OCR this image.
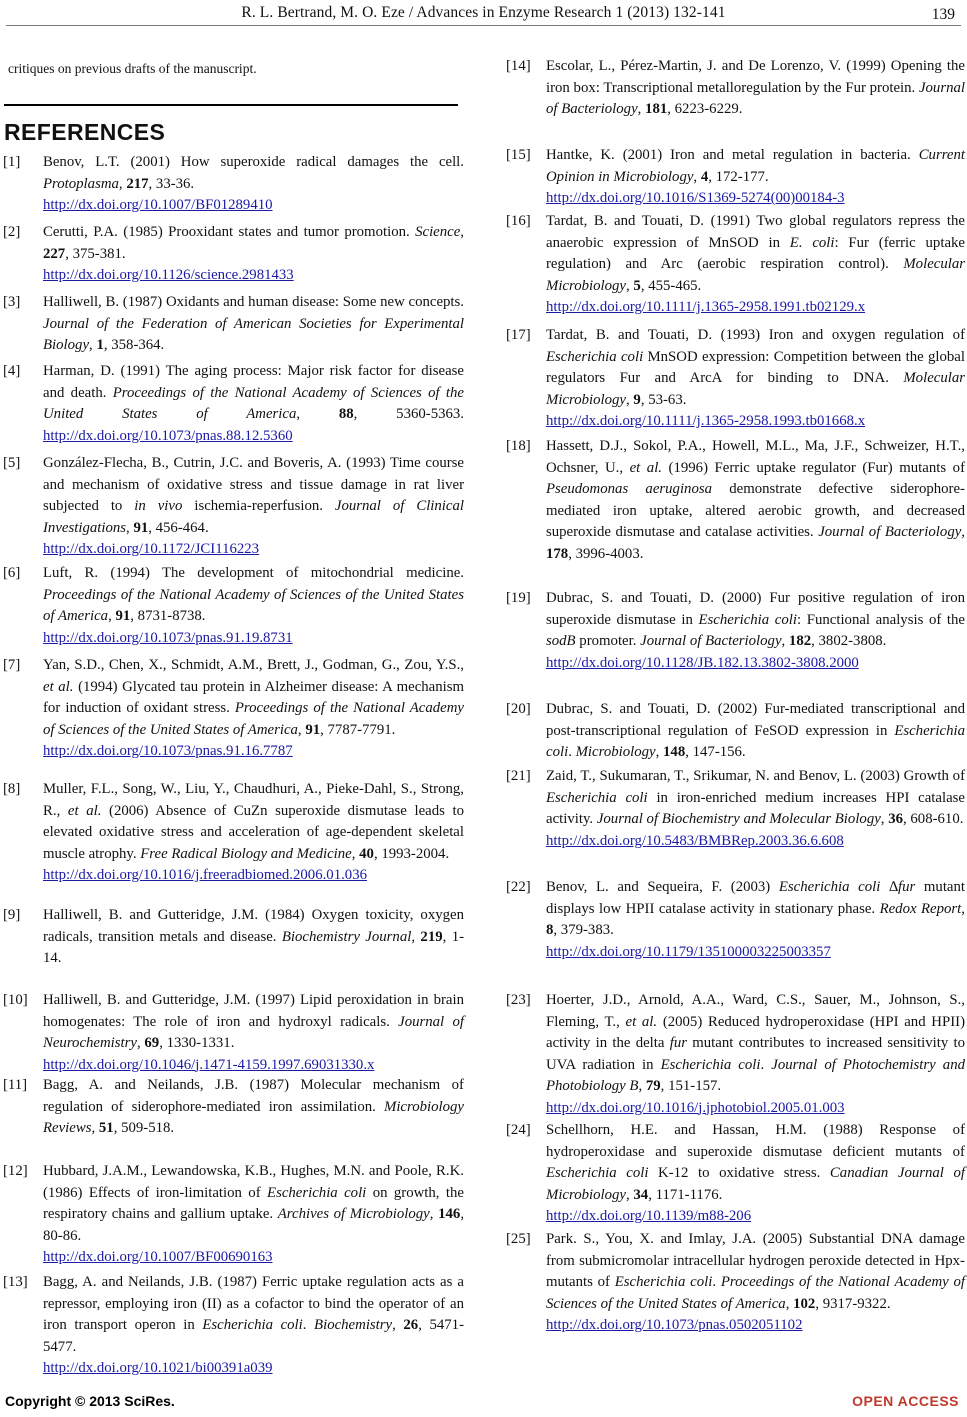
R. L. Bertrand, M. O. Eze / Advances in Enzyme Research 1 (2013) 132-141	139
critiques on previous drafts of the manuscript.
REFERENCES
[1] Benov, L.T. (2001) How superoxide radical damages the cell. Protoplasma, 217, 33-36.
http://dx.doi.org/10.1007/BF01289410
[2] Cerutti, P.A. (1985) Prooxidant states and tumor promotion. Science, 227, 375-381.
http://dx.doi.org/10.1126/science.2981433
[3] Halliwell, B. (1987) Oxidants and human disease: Some new concepts. Journal of the Federation of American Societies for Experimental Biology, 1, 358-364.
[4] Harman, D. (1991) The aging process: Major risk factor for disease and death. Proceedings of the National Academy of Sciences of the United States of America, 88, 5360-5363. http://dx.doi.org/10.1073/pnas.88.12.5360
[5] González-Flecha, B., Cutrin, J.C. and Boveris, A. (1993) Time course and mechanism of oxidative stress and tissue damage in rat liver subjected to in vivo ischemia-reperfusion. Journal of Clinical Investigations, 91, 456-464.
http://dx.doi.org/10.1172/JCI116223
[6] Luft, R. (1994) The development of mitochondrial medicine. Proceedings of the National Academy of Sciences of the United States of America, 91, 8731-8738.
http://dx.doi.org/10.1073/pnas.91.19.8731
[7] Yan, S.D., Chen, X., Schmidt, A.M., Brett, J., Godman, G., Zou, Y.S., et al. (1994) Glycated tau protein in Alzheimer disease: A mechanism for induction of oxidant stress. Proceedings of the National Academy of Sciences of the United States of America, 91, 7787-7791.
http://dx.doi.org/10.1073/pnas.91.16.7787
[8] Muller, F.L., Song, W., Liu, Y., Chaudhuri, A., Pieke-Dahl, S., Strong, R., et al. (2006) Absence of CuZn superoxide dismutase leads to elevated oxidative stress and acceleration of age-dependent skeletal muscle atrophy. Free Radical Biology and Medicine, 40, 1993-2004.
http://dx.doi.org/10.1016/j.freeradbiomed.2006.01.036
[9] Halliwell, B. and Gutteridge, J.M. (1984) Oxygen toxicity, oxygen radicals, transition metals and disease. Biochemistry Journal, 219, 1-14.
[10] Halliwell, B. and Gutteridge, J.M. (1997) Lipid peroxidation in brain homogenates: The role of iron and hydroxyl radicals. Journal of Neurochemistry, 69, 1330-1331.
http://dx.doi.org/10.1046/j.1471-4159.1997.69031330.x
[11] Bagg, A. and Neilands, J.B. (1987) Molecular mechanism of regulation of siderophore-mediated iron assimilation. Microbiology Reviews, 51, 509-518.
[12] Hubbard, J.A.M., Lewandowska, K.B., Hughes, M.N. and Poole, R.K. (1986) Effects of iron-limitation of Escherichia coli on growth, the respiratory chains and gallium uptake. Archives of Microbiology, 146, 80-86.
http://dx.doi.org/10.1007/BF00690163
[13] Bagg, A. and Neilands, J.B. (1987) Ferric uptake regulation acts as a repressor, employing iron (II) as a cofactor to bind the operator of an iron transport operon in Escherichia coli. Biochemistry, 26, 5471-5477.
http://dx.doi.org/10.1021/bi00391a039
[14] Escolar, L., Pérez-Martin, J. and De Lorenzo, V. (1999) Opening the iron box: Transcriptional metalloregulation by the Fur protein. Journal of Bacteriology, 181, 6223-6229.
[15] Hantke, K. (2001) Iron and metal regulation in bacteria. Current Opinion in Microbiology, 4, 172-177.
http://dx.doi.org/10.1016/S1369-5274(00)00184-3
[16] Tardat, B. and Touati, D. (1991) Two global regulators repress the anaerobic expression of MnSOD in E. coli: Fur (ferric uptake regulation) and Arc (aerobic respiration control). Molecular Microbiology, 5, 455-465.
http://dx.doi.org/10.1111/j.1365-2958.1991.tb02129.x
[17] Tardat, B. and Touati, D. (1993) Iron and oxygen regulation of Escherichia coli MnSOD expression: Competition between the global regulators Fur and ArcA for binding to DNA. Molecular Microbiology, 9, 53-63.
http://dx.doi.org/10.1111/j.1365-2958.1993.tb01668.x
[18] Hassett, D.J., Sokol, P.A., Howell, M.L., Ma, J.F., Schweizer, H.T., Ochsner, U., et al. (1996) Ferric uptake regulator (Fur) mutants of Pseudomonas aeruginosa demonstrate defective siderophore-mediated iron uptake, altered aerobic growth, and decreased superoxide dismutase and catalase activities. Journal of Bacteriology, 178, 3996-4003.
[19] Dubrac, S. and Touati, D. (2000) Fur positive regulation of iron superoxide dismutase in Escherichia coli: Functional analysis of the sodB promoter. Journal of Bacteriology, 182, 3802-3808.
http://dx.doi.org/10.1128/JB.182.13.3802-3808.2000
[20] Dubrac, S. and Touati, D. (2002) Fur-mediated transcriptional and post-transcriptional regulation of FeSOD expression in Escherichia coli. Microbiology, 148, 147-156.
[21] Zaid, T., Sukumaran, T., Srikumar, N. and Benov, L. (2003) Growth of Escherichia coli in iron-enriched medium increases HPI catalase activity. Journal of Biochemistry and Molecular Biology, 36, 608-610.
http://dx.doi.org/10.5483/BMBRep.2003.36.6.608
[22] Benov, L. and Sequeira, F. (2003) Escherichia coli ∆fur mutant displays low HPII catalase activity in stationary phase. Redox Report, 8, 379-383.
http://dx.doi.org/10.1179/135100003225003357
[23] Hoerter, J.D., Arnold, A.A., Ward, C.S., Sauer, M., Johnson, S., Fleming, T., et al. (2005) Reduced hydroperoxidase (HPI and HPII) activity in the delta fur mutant contributes to increased sensitivity to UVA radiation in Escherichia coli. Journal of Photochemistry and Photobiology B, 79, 151-157.
http://dx.doi.org/10.1016/j.jphotobiol.2005.01.003
[24] Schellhorn, H.E. and Hassan, H.M. (1988) Response of hydroperoxidase and superoxide dismutase deficient mutants of Escherichia coli K-12 to oxidative stress. Canadian Journal of Microbiology, 34, 1171-1176.
http://dx.doi.org/10.1139/m88-206
[25] Park. S., You, X. and Imlay, J.A. (2005) Substantial DNA damage from submicromolar intracellular hydrogen peroxide detected in Hpx- mutants of Escherichia coli. Proceedings of the National Academy of Sciences of the United States of America, 102, 9317-9322.
http://dx.doi.org/10.1073/pnas.0502051102
Copyright © 2013 SciRes.	OPEN ACCESS
